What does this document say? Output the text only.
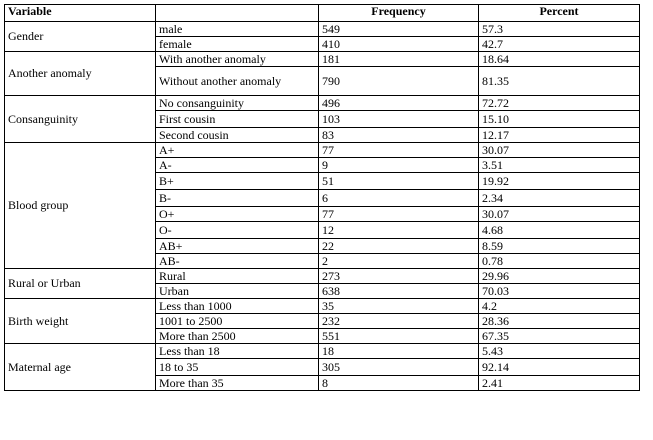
Variable		Frequency	Percent
Gender	male	549	57.3
	female	410	42.7
Another anomaly	With another anomaly	181	18.64
	Without another anomaly	790	81.35
Consanguinity	No consanguinity	496	72.72
	First cousin	103	15.10
	Second cousin	83	12.17
Blood group	A+	77	30.07
	A-	9	3.51
	B+	51	19.92
	B-	6	2.34
	O+	77	30.07
	O-	12	4.68
	AB+	22	8.59
	AB-	2	0.78
Rural or Urban	Rural	273	29.96
	Urban	638	70.03
Birth weight	Less than 1000	35	4.2
	1001 to 2500	232	28.36
	More than 2500	551	67.35
Maternal age	Less than 18	18	5.43
	18 to 35	305	92.14
	More than 35	8	2.41
